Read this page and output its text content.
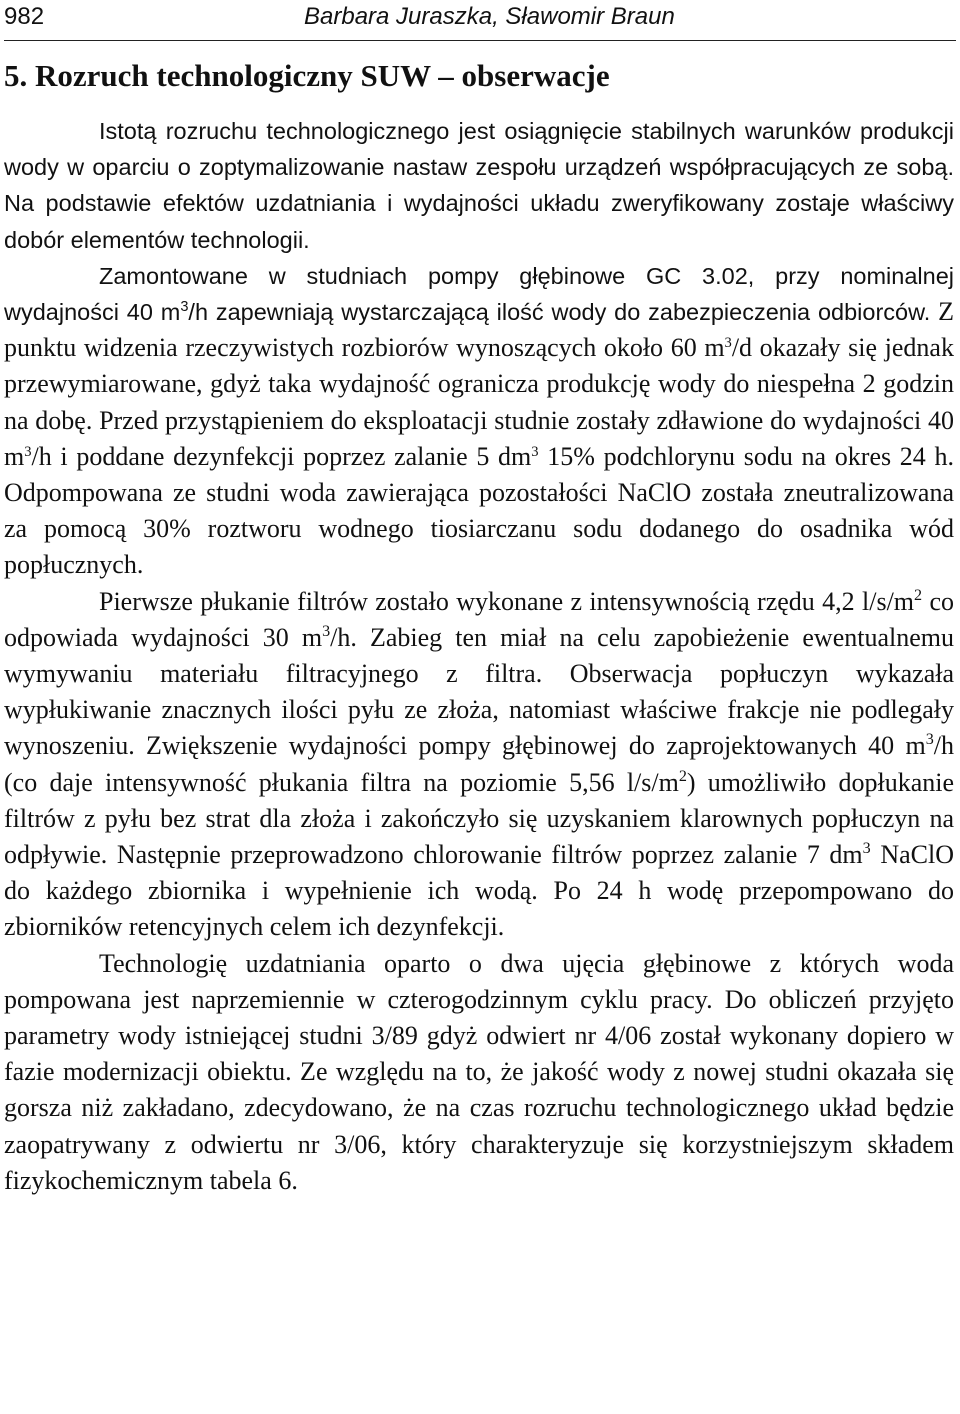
982	Barbara Juraszka, Sławomir Braun
5. Rozruch technologiczny SUW – obserwacje

Istotą rozruchu technologicznego jest osiągnięcie stabilnych warunków produkcji wody w oparciu o zoptymalizowanie nastaw zespołu urządzeń współpracujących ze sobą. Na podstawie efektów uzdatniania i wydajności układu zweryfikowany zostaje właściwy dobór elementów technologii.

Zamontowane w studniach pompy głębinowe GC 3.02, przy nominalnej wydajności 40 $m^3/h$ zapewniają wystarczającą ilość wody do zabezpieczenia odbiorców. Z punktu widzenia rzeczywistych rozbiorów wynoszących około 60 $m^3/d$ okazały się jednak przewymiarowane, gdyż taka wydajność ogranicza produkcję wody do niespełna 2 godzin na dobę. Przed przystąpieniem do eksploatacji studnie zostały zdławione do wydajności 40 $m^3/h$ i poddane dezynfekcji poprzez zalanie 5 $dm^3$ 15% podchlorynu sodu na okres 24 h. Odpompowana ze studni woda zawierająca pozostałości NaClO została zneutralizowana za pomocą 30% roztworu wodnego tiosiarczanu sodu dodanego do osadnika wód popłucznych.

Pierwsze płukanie filtrów zostało wykonane z intensywnością rzędu 4,2 $l/s/m^2$ co odpowiada wydajności 30 $m^3/h$. Zabieg ten miał na celu zapobieżenie ewentualnemu wymywaniu materiału filtracyjnego z filtra. Obserwacja popłuczyn wykazała wypłukiwanie znacznych ilości pyłu ze złoża, natomiast właściwe frakcje nie podlegały wynoszeniu. Zwiększenie wydajności pompy głębinowej do zaprojektowanych 40 $m^3/h$ (co daje intensywność płukania filtra na poziomie 5,56 $l/s/m^2$) umożliwiło dopłukanie filtrów z pyłu bez strat dla złoża i zakończyło się uzyskaniem klarownych popłuczyn na odpływie. Następnie przeprowadzono chlorowanie filtrów poprzez zalanie 7 $dm^3$ NaClO do każdego zbiornika i wypełnienie ich wodą. Po 24 h wodę przepompowano do zbiorników retencyjnych celem ich dezynfekcji.

Technologię uzdatniania oparto o dwa ujęcia głębinowe z których woda pompowana jest naprzemiennie w czterogodzinnym cyklu pracy. Do obliczeń przyjęto parametry wody istniejącej studni 3/89 gdyż odwiert nr 4/06 został wykonany dopiero w fazie modernizacji obiektu. Ze względu na to, że jakość wody z nowej studni okazała się gorsza niż zakładano, zdecydowano, że na czas rozruchu technologicznego układ będzie zaopatrywany z odwiertu nr 3/06, który charakteryzuje się korzystniejszym składem fizykochemicznym tabela 6.
